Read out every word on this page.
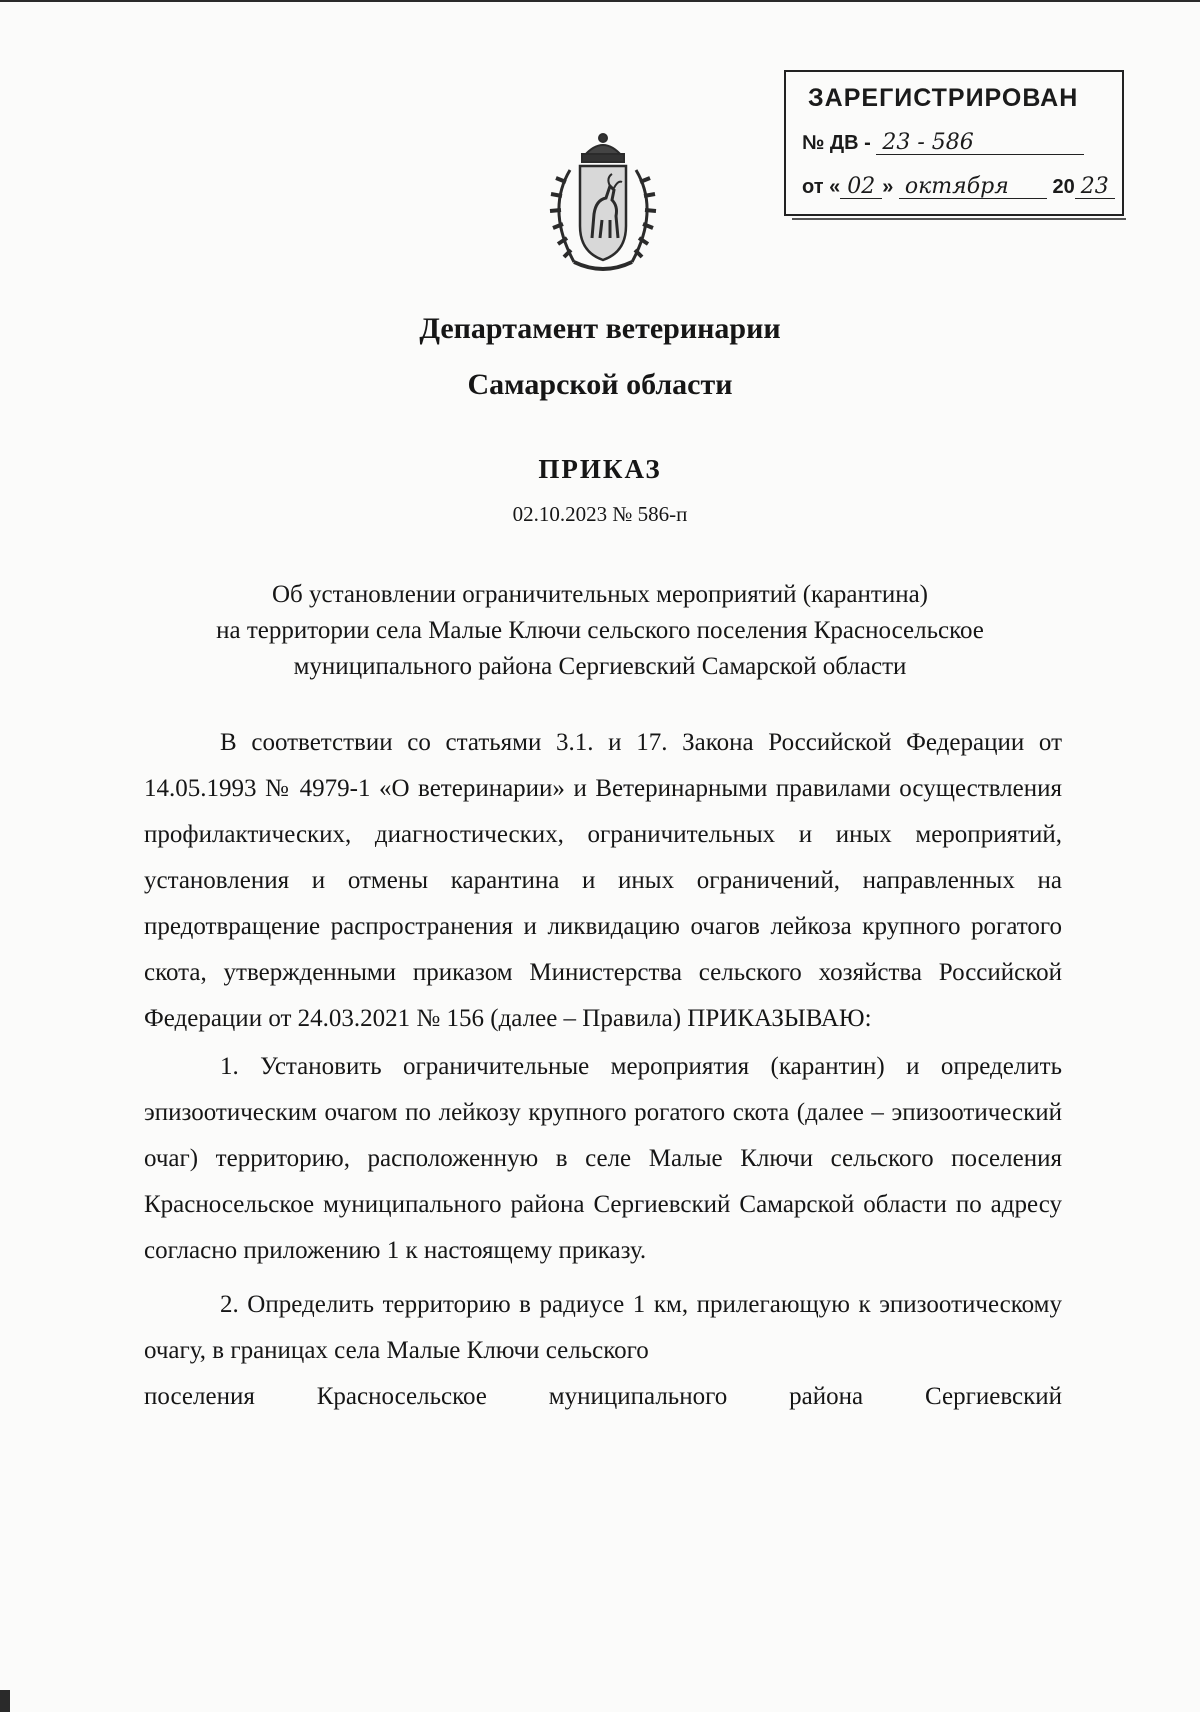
ЗАРЕГИСТРИРОВАН
№ ДВ - 23 - 586
от « 02 » октября 20 23
Департамент ветеринарии
Самарской области
ПРИКАЗ
02.10.2023 № 586-п
Об установлении ограничительных мероприятий (карантина)
на территории села Малые Ключи сельского поселения Красносельское
муниципального района Сергиевский Самарской области

В соответствии со статьями 3.1. и 17. Закона Российской Федерации от 14.05.1993 № 4979-1 «О ветеринарии» и Ветеринарными правилами осуществления профилактических, диагностических, ограничительных и иных мероприятий, установления и отмены карантина и иных ограничений, направленных на предотвращение распространения и ликвидацию очагов лейкоза крупного рогатого скота, утвержденными приказом Министерства сельского хозяйства Российской Федерации от 24.03.2021 № 156 (далее – Правила) ПРИКАЗЫВАЮ:

1. Установить ограничительные мероприятия (карантин) и определить эпизоотическим очагом по лейкозу крупного рогатого скота (далее – эпизоотический очаг) территорию, расположенную в селе Малые Ключи сельского поселения Красносельское муниципального района Сергиевский Самарской области по адресу согласно приложению 1 к настоящему приказу.

2. Определить территорию в радиусе 1 км, прилегающую к эпизоотическому очагу, в границах села Малые Ключи сельского

поселения Красносельское муниципального района Сергиевский
